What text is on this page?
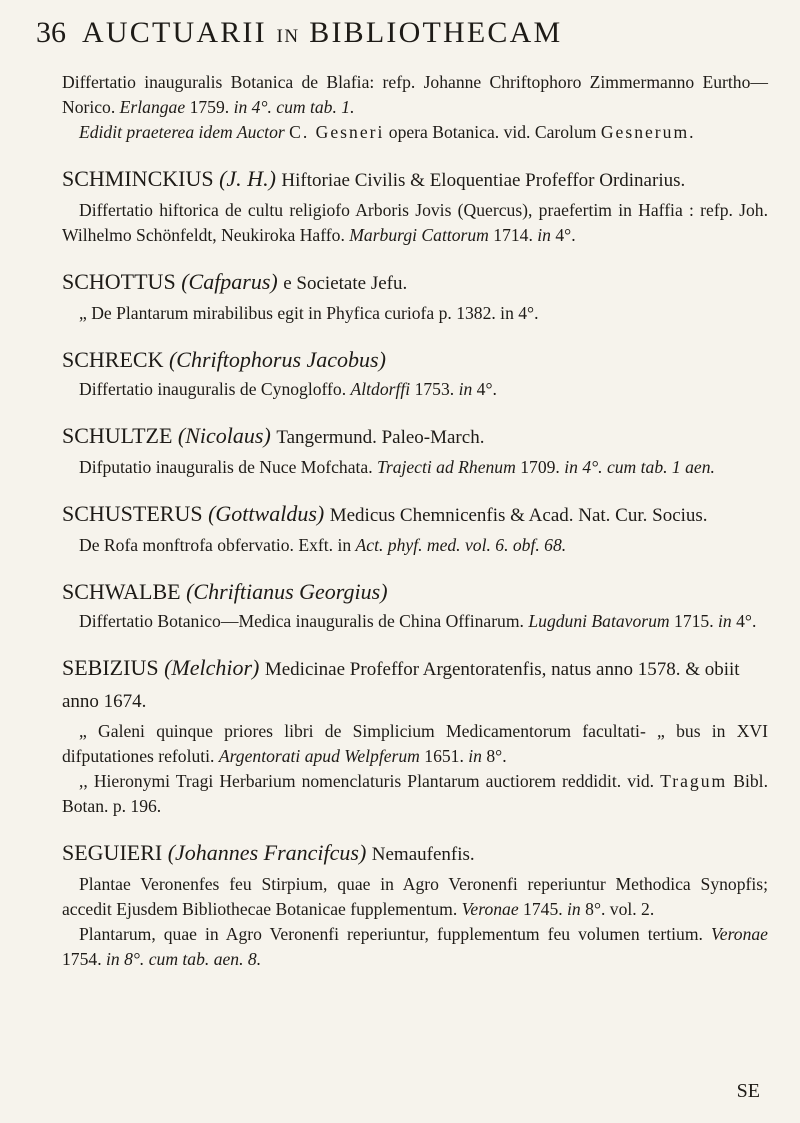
36 AUCTUARII IN BIBLIOTHECAM

Differtatio inauguralis Botanica de Blafia: refp. Johanne Chriftophoro Zimmermanno Eurtho—Norico. Erlangae 1759. in 4°. cum tab. 1.

Edidit praeterea idem Auctor C. Gesneri opera Botanica. vid. Carolum Gesnerum.

SCHMINCKIUS (J. H.) Hiftoriae Civilis & Eloquentiae Profeffor Ordinarius.

Differtatio hiftorica de cultu religiofo Arboris Jovis (Quercus), praefertim in Haffia : refp. Joh. Wilhelmo Schönfeldt, Neukiroka Haffo. Marburgi Cattorum 1714. in 4°.

SCHOTTUS (Cafparus) e Societate Jefu.

„ De Plantarum mirabilibus egit in Phyfica curiofa p. 1382. in 4°.

SCHRECK (Chriftophorus Jacobus)

Differtatio inauguralis de Cynogloffo. Altdorffi 1753. in 4°.

SCHULTZE (Nicolaus) Tangermund. Paleo-March.

Difputatio inauguralis de Nuce Mofchata. Trajecti ad Rhenum 1709. in 4°. cum tab. 1 aen.

SCHUSTERUS (Gottwaldus) Medicus Chemnicenfis & Acad. Nat. Cur. Socius.

De Rofa monftrofa obfervatio. Exft. in Act. phyf. med. vol. 6. obf. 68.

SCHWALBE (Chriftianus Georgius)

Differtatio Botanico—Medica inauguralis de China Offinarum. Lugduni Batavorum 1715. in 4°.

SEBIZIUS (Melchior) Medicinae Profeffor Argentoratenfis, natus anno 1578. & obiit anno 1674.

„ Galeni quinque priores libri de Simplicium Medicamentorum facultati- „ bus in XVI difputationes refoluti. Argentorati apud Welpferum 1651. in 8°.

,, Hieronymi Tragi Herbarium nomenclaturis Plantarum auctiorem reddidit. vid. Tragum Bibl. Botan. p. 196.

SEGUIERI (Johannes Francifcus) Nemaufenfis.

Plantae Veronenfes feu Stirpium, quae in Agro Veronenfi reperiuntur Methodica Synopfis; accedit Ejusdem Bibliothecae Botanicae fupplementum. Veronae 1745. in 8°. vol. 2.

Plantarum, quae in Agro Veronenfi reperiuntur, fupplementum feu volumen tertium. Veronae 1754. in 8°. cum tab. aen. 8.

SE
